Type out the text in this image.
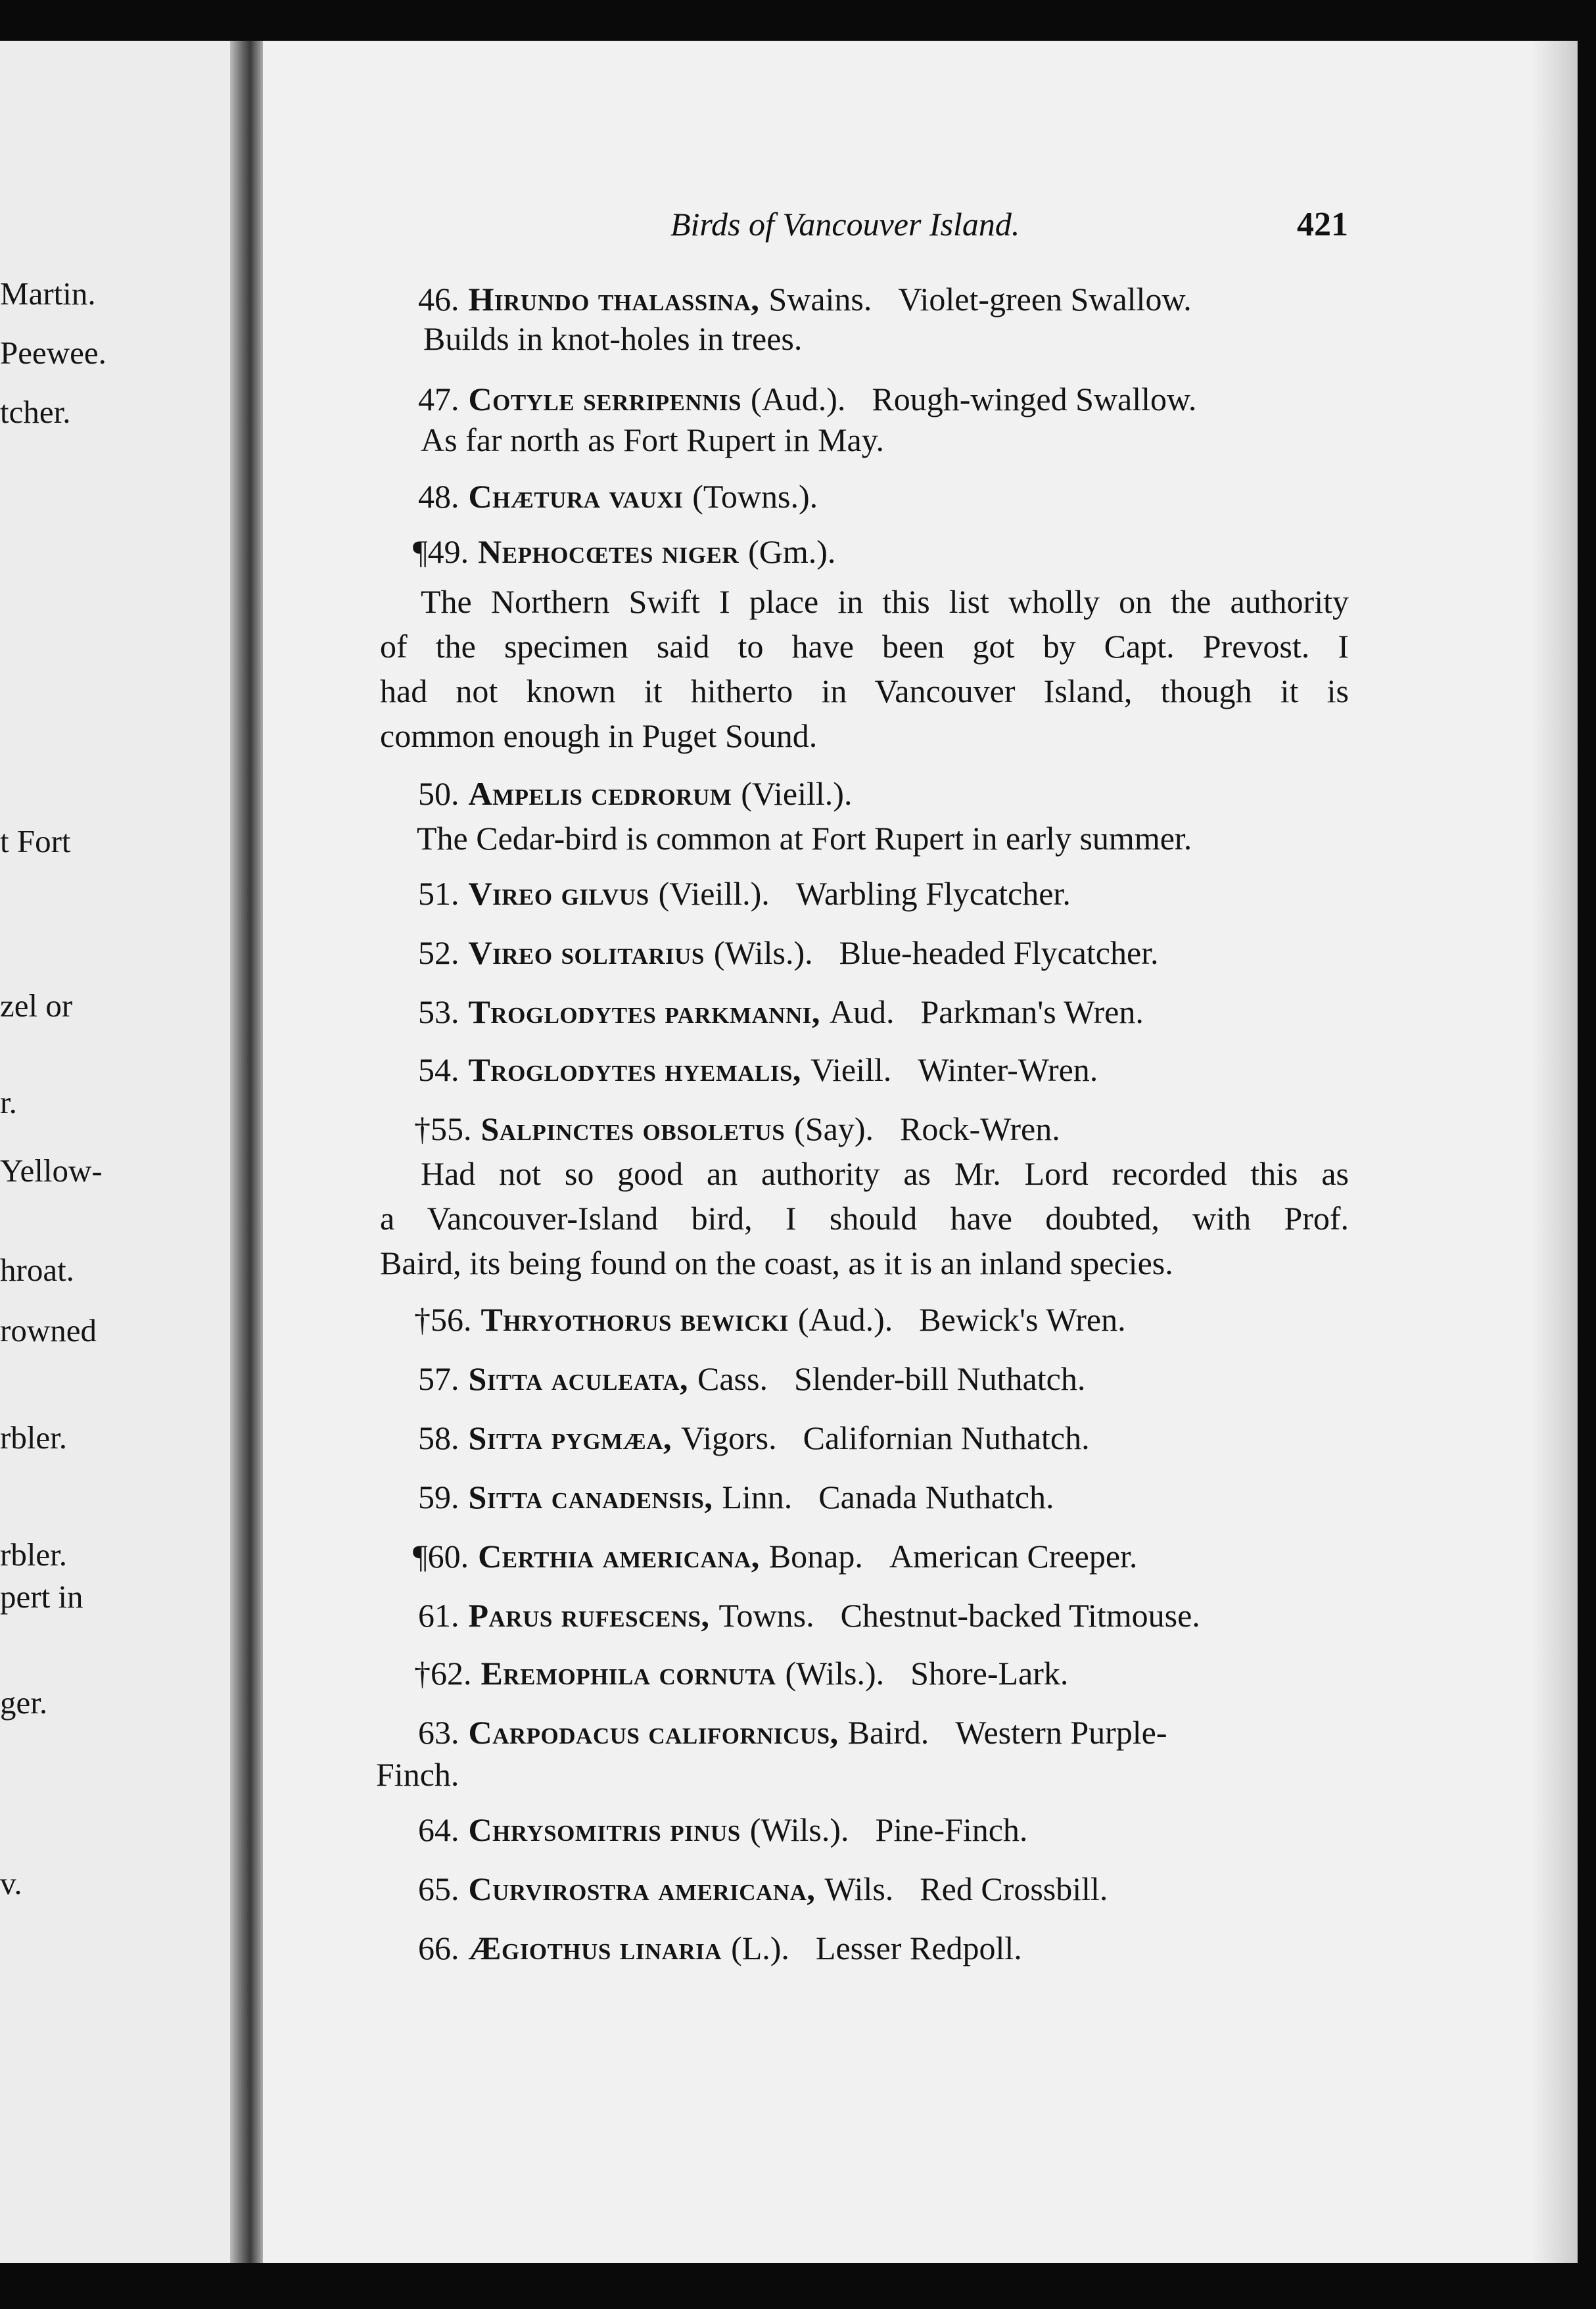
Martin.
Peewee.
tcher.
t Fort
zel or
r.
Yellow-
hroat.
rowned
rbler.
rbler.
pert in
ger.
v.
Birds of Vancouver Island.	421
46. Hirundo thalassina, Swains. Violet-green Swallow.
Builds in knot-holes in trees.
47. Cotyle serripennis (Aud.). Rough-winged Swallow.
As far north as Fort Rupert in May.
48. Chætura vauxi (Towns.).
¶49. Nephocœtes niger (Gm.).
The Northern Swift I place in this list wholly on the authority
of the specimen said to have been got by Capt. Prevost. I
had not known it hitherto in Vancouver Island, though it is
common enough in Puget Sound.
50. Ampelis cedrorum (Vieill.).
The Cedar-bird is common at Fort Rupert in early summer.
51. Vireo gilvus (Vieill.). Warbling Flycatcher.
52. Vireo solitarius (Wils.). Blue-headed Flycatcher.
53. Troglodytes parkmanni, Aud. Parkman's Wren.
54. Troglodytes hyemalis, Vieill. Winter-Wren.
†55. Salpinctes obsoletus (Say). Rock-Wren.
Had not so good an authority as Mr. Lord recorded this as
a Vancouver-Island bird, I should have doubted, with Prof.
Baird, its being found on the coast, as it is an inland species.
†56. Thryothorus bewicki (Aud.). Bewick's Wren.
57. Sitta aculeata, Cass. Slender-bill Nuthatch.
58. Sitta pygmæa, Vigors. Californian Nuthatch.
59. Sitta canadensis, Linn. Canada Nuthatch.
¶60. Certhia americana, Bonap. American Creeper.
61. Parus rufescens, Towns. Chestnut-backed Titmouse.
†62. Eremophila cornuta (Wils.). Shore-Lark.
63. Carpodacus californicus, Baird. Western Purple-
Finch.
64. Chrysomitris pinus (Wils.). Pine-Finch.
65. Curvirostra americana, Wils. Red Crossbill.
66. Ægiothus linaria (L.). Lesser Redpoll.
